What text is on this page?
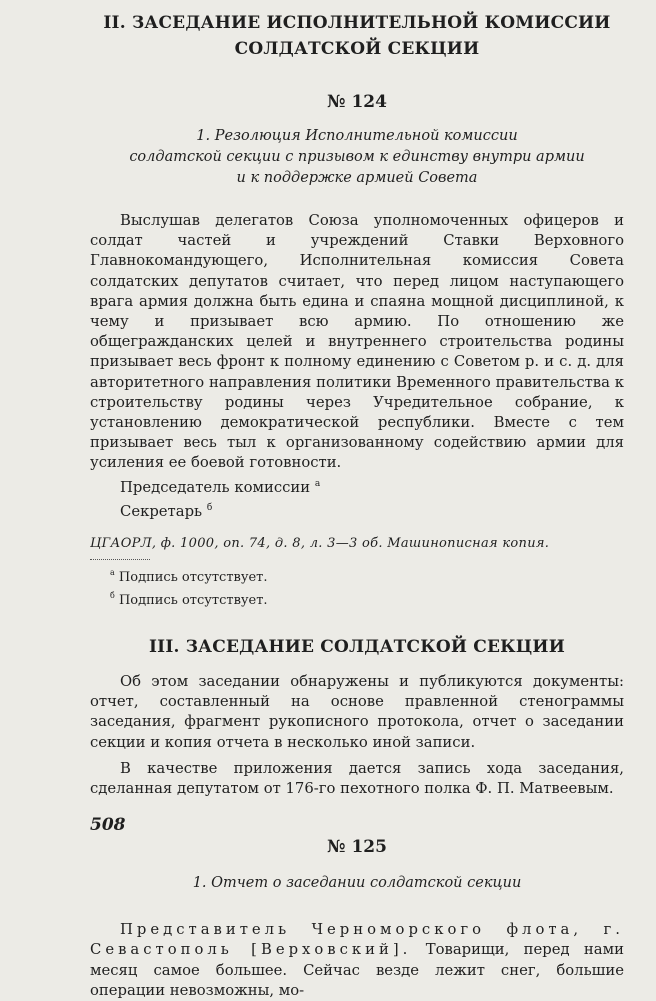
II. ЗАСЕДАНИЕ ИСПОЛНИТЕЛЬНОЙ КОМИССИИ
СОЛДАТСКОЙ СЕКЦИИ
№ 124
1. Резолюция Исполнительной комиссии
солдатской секции с призывом к единству внутри армии
и к поддержке армией Совета

Выслушав делегатов Союза уполномоченных офицеров и солдат частей и учреждений Ставки Верховного Главнокомандующего, Исполнительная комиссия Совета солдатских депутатов считает, что перед лицом наступающего врага армия должна быть едина и спаяна мощной дисциплиной, к чему и призывает всю армию. По отношению же общегражданских целей и внутреннего строительства родины призывает весь фронт к полному единению с Советом р. и с. д. для авторитетного направления политики Временного правительства к строительству родины через Учредительное собрание, к установлению демократической республики. Вместе с тем призывает весь тыл к организованному содействию армии для усиления ее боевой готовности.

Председатель комиссии $^а$
Секретарь $^б$
ЦГАОРЛ, ф. 1000, оп. 74, д. 8, л. 3—3 об. Машинописная копия.
$^а$ Подпись отсутствует.
$^б$ Подпись отсутствует.
III. ЗАСЕДАНИЕ СОЛДАТСКОЙ СЕКЦИИ

Об этом заседании обнаружены и публикуются документы: отчет, составленный на основе правленной стенограммы заседания, фрагмент рукописного протокола, отчет о заседании секции и копия отчета в несколько иной записи.

В качестве приложения дается запись хода заседания, сделанная депутатом от 176-го пехотного полка Ф. П. Матвеевым.

№ 125
1. Отчет о заседании солдатской секции

Представитель Черноморского флота, г. Севастополь [Верховский]. Товарищи, перед нами месяц самое большее. Сейчас везде лежит снег, большие операции невозможны, мо-

508
